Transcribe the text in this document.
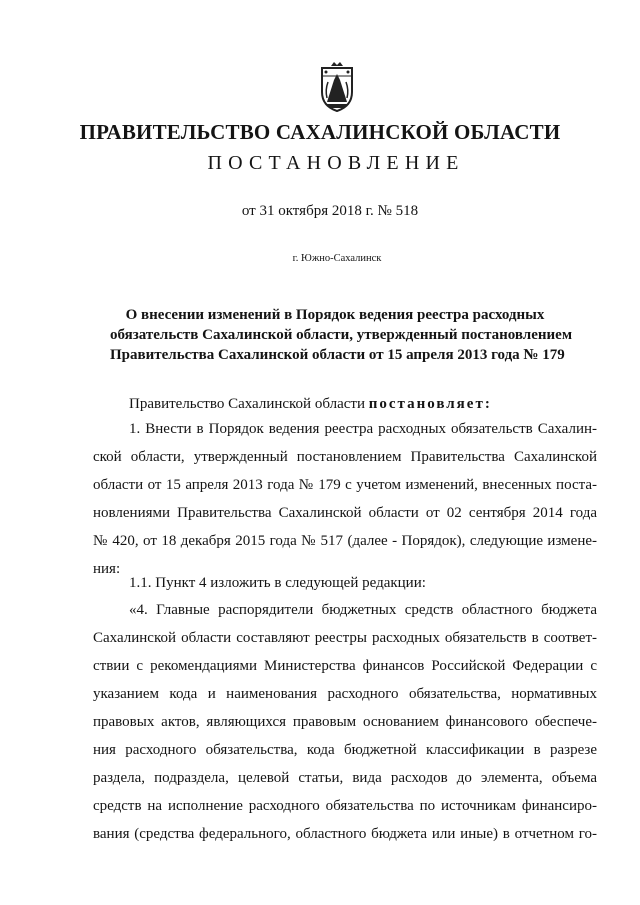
ПРАВИТЕЛЬСТВО САХАЛИНСКОЙ ОБЛАСТИ
ПОСТАНОВЛЕНИЕ
от 31 октября 2018 г. № 518
г. Южно-Сахалинск
О внесении изменений в Порядок ведения реестра расходных
обязательств Сахалинской области, утвержденный постановлением
Правительства Сахалинской области от 15 апреля 2013 года № 179
Правительство Сахалинской области постановляет:
1. Внести в Порядок ведения реестра расходных обязательств Сахалин-
ской области, утвержденный постановлением Правительства Сахалинской
области от 15 апреля 2013 года № 179 с учетом изменений, внесенных поста-
новлениями Правительства Сахалинской области от 02 сентября 2014 года
№ 420, от 18 декабря 2015 года № 517 (далее - Порядок), следующие измене-
ния:
1.1. Пункт 4 изложить в следующей редакции:
«4. Главные распорядители бюджетных средств областного бюджета
Сахалинской области составляют реестры расходных обязательств в соответ-
ствии с рекомендациями Министерства финансов Российской Федерации с
указанием кода и наименования расходного обязательства, нормативных
правовых актов, являющихся правовым основанием финансового обеспече-
ния расходного обязательства, кода бюджетной классификации в разрезе
раздела, подраздела, целевой статьи, вида расходов до элемента, объема
средств на исполнение расходного обязательства по источникам финансиро-
вания (средства федерального, областного бюджета или иные) в отчетном го-
